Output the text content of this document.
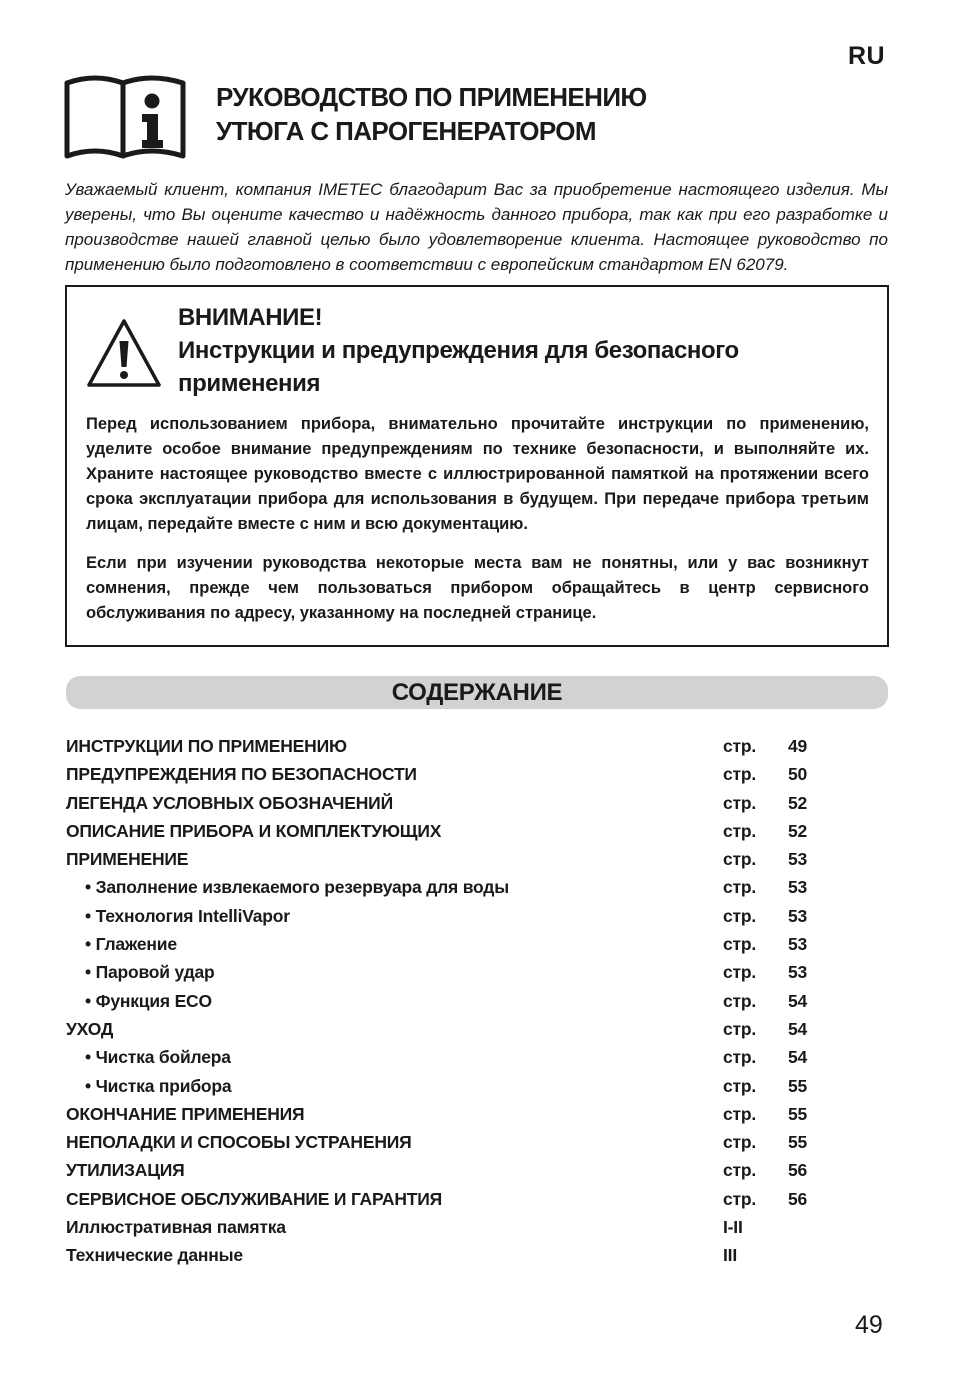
RU
РУКОВОДСТВО ПО ПРИМЕНЕНИЮ
УТЮГА С ПАРОГЕНЕРАТОРОМ
Уважаемый клиент, компания IMETEC благодарит Вас за приобретение настоящего изделия. Мы уверены, что Вы оцените качество и надёжность данного прибора, так как при его разработке и производстве нашей главной целью было удовлетворение клиента. Настоящее руководство по применению было подготовлено в соответствии с европейским стандартом EN 62079.
ВНИМАНИЕ!
Инструкции и предупреждения для безопасного
применения
Перед использованием прибора, внимательно прочитайте инструкции по применению, уделите особое внимание предупреждениям по технике безопасности, и выполняйте их. Храните настоящее руководство вместе с иллюстрированной памяткой на протяжении всего срока эксплуатации прибора для использования в будущем. При передаче прибора третьим лицам, передайте вместе с ним и всю документацию.
Если при изучении руководства некоторые места вам не понятны, или у вас возникнут сомнения, прежде чем пользоваться прибором обращайтесь в центр сервисного обслуживания по адресу, указанному на последней странице.
СОДЕРЖАНИЕ
ИНСТРУКЦИИ ПО ПРИМЕНЕНИЮ	стр. 49
ПРЕДУПРЕЖДЕНИЯ ПО БЕЗОПАСНОСТИ	стр. 50
ЛЕГЕНДА УСЛОВНЫХ ОБОЗНАЧЕНИЙ	стр. 52
ОПИСАНИЕ ПРИБОРА И КОМПЛЕКТУЮЩИХ	стр. 52
ПРИМЕНЕНИЕ	стр. 53
• Заполнение извлекаемого резервуара для воды	стр. 53
• Технология IntelliVapor	стр. 53
• Глажение	стр. 53
• Паровой удар	стр. 53
• Функция ECO	стр. 54
УХОД	стр. 54
• Чистка бойлера	стр. 54
• Чистка прибора	стр. 55
ОКОНЧАНИЕ ПРИМЕНЕНИЯ	стр. 55
НЕПОЛАДКИ И СПОСОБЫ УСТРАНЕНИЯ	стр. 55
УТИЛИЗАЦИЯ	стр. 56
СЕРВИСНОЕ ОБСЛУЖИВАНИЕ И ГАРАНТИЯ	стр. 56
Иллюстративная памятка	I-II
Технические данные	III
49
